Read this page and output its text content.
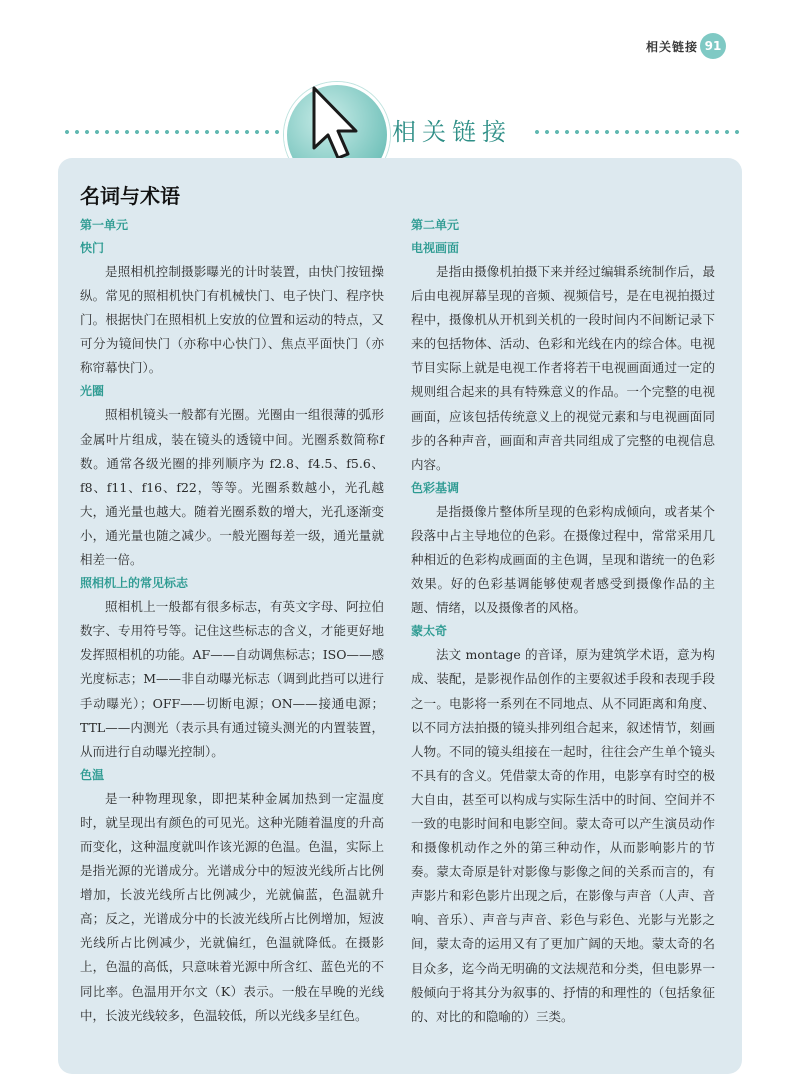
相关链接 91
相关链接
名词与术语

第一单元

快门

是照相机控制摄影曝光的计时装置，由快门按钮操纵。常见的照相机快门有机械快门、电子快门、程序快门。根据快门在照相机上安放的位置和运动的特点，又可分为镜间快门（亦称中心快门）、焦点平面快门（亦称帘幕快门）。

光圈

照相机镜头一般都有光圈。光圈由一组很薄的弧形金属叶片组成，装在镜头的透镜中间。光圈系数简称f数。通常各级光圈的排列顺序为 f2.8、f4.5、f5.6、f8、f11、f16、f22，等等。光圈系数越小，光孔越大，通光量也越大。随着光圈系数的增大，光孔逐渐变小，通光量也随之减少。一般光圈每差一级，通光量就相差一倍。

照相机上的常见标志

照相机上一般都有很多标志，有英文字母、阿拉伯数字、专用符号等。记住这些标志的含义，才能更好地发挥照相机的功能。AF——自动调焦标志；ISO——感光度标志；M——非自动曝光标志（调到此挡可以进行手动曝光）；OFF——切断电源；ON——接通电源；TTL——内测光（表示具有通过镜头测光的内置装置，从而进行自动曝光控制）。

色温

是一种物理现象，即把某种金属加热到一定温度时，就呈现出有颜色的可见光。这种光随着温度的升高而变化，这种温度就叫作该光源的色温。色温，实际上是指光源的光谱成分。光谱成分中的短波光线所占比例增加，长波光线所占比例减少，光就偏蓝，色温就升高；反之，光谱成分中的长波光线所占比例增加，短波光线所占比例减少，光就偏红，色温就降低。在摄影上，色温的高低，只意味着光源中所含红、蓝色光的不同比率。色温用开尔文（K）表示。一般在早晚的光线中，长波光线较多，色温较低，所以光线多呈红色。

第二单元

电视画面

是指由摄像机拍摄下来并经过编辑系统制作后，最后由电视屏幕呈现的音频、视频信号，是在电视拍摄过程中，摄像机从开机到关机的一段时间内不间断记录下来的包括物体、活动、色彩和光线在内的综合体。电视节目实际上就是电视工作者将若干电视画面通过一定的规则组合起来的具有特殊意义的作品。一个完整的电视画面，应该包括传统意义上的视觉元素和与电视画面同步的各种声音，画面和声音共同组成了完整的电视信息内容。

色彩基调

是指摄像片整体所呈现的色彩构成倾向，或者某个段落中占主导地位的色彩。在摄像过程中，常常采用几种相近的色彩构成画面的主色调，呈现和谐统一的色彩效果。好的色彩基调能够使观者感受到摄像作品的主题、情绪，以及摄像者的风格。

蒙太奇

法文 montage 的音译，原为建筑学术语，意为构成、装配，是影视作品创作的主要叙述手段和表现手段之一。电影将一系列在不同地点、从不同距离和角度、以不同方法拍摄的镜头排列组合起来，叙述情节，刻画人物。不同的镜头组接在一起时，往往会产生单个镜头不具有的含义。凭借蒙太奇的作用，电影享有时空的极大自由，甚至可以构成与实际生活中的时间、空间并不一致的电影时间和电影空间。蒙太奇可以产生演员动作和摄像机动作之外的第三种动作，从而影响影片的节奏。蒙太奇原是针对影像与影像之间的关系而言的，有声影片和彩色影片出现之后，在影像与声音（人声、音响、音乐）、声音与声音、彩色与彩色、光影与光影之间，蒙太奇的运用又有了更加广阔的天地。蒙太奇的名目众多，迄今尚无明确的文法规范和分类，但电影界一般倾向于将其分为叙事的、抒情的和理性的（包括象征的、对比的和隐喻的）三类。
